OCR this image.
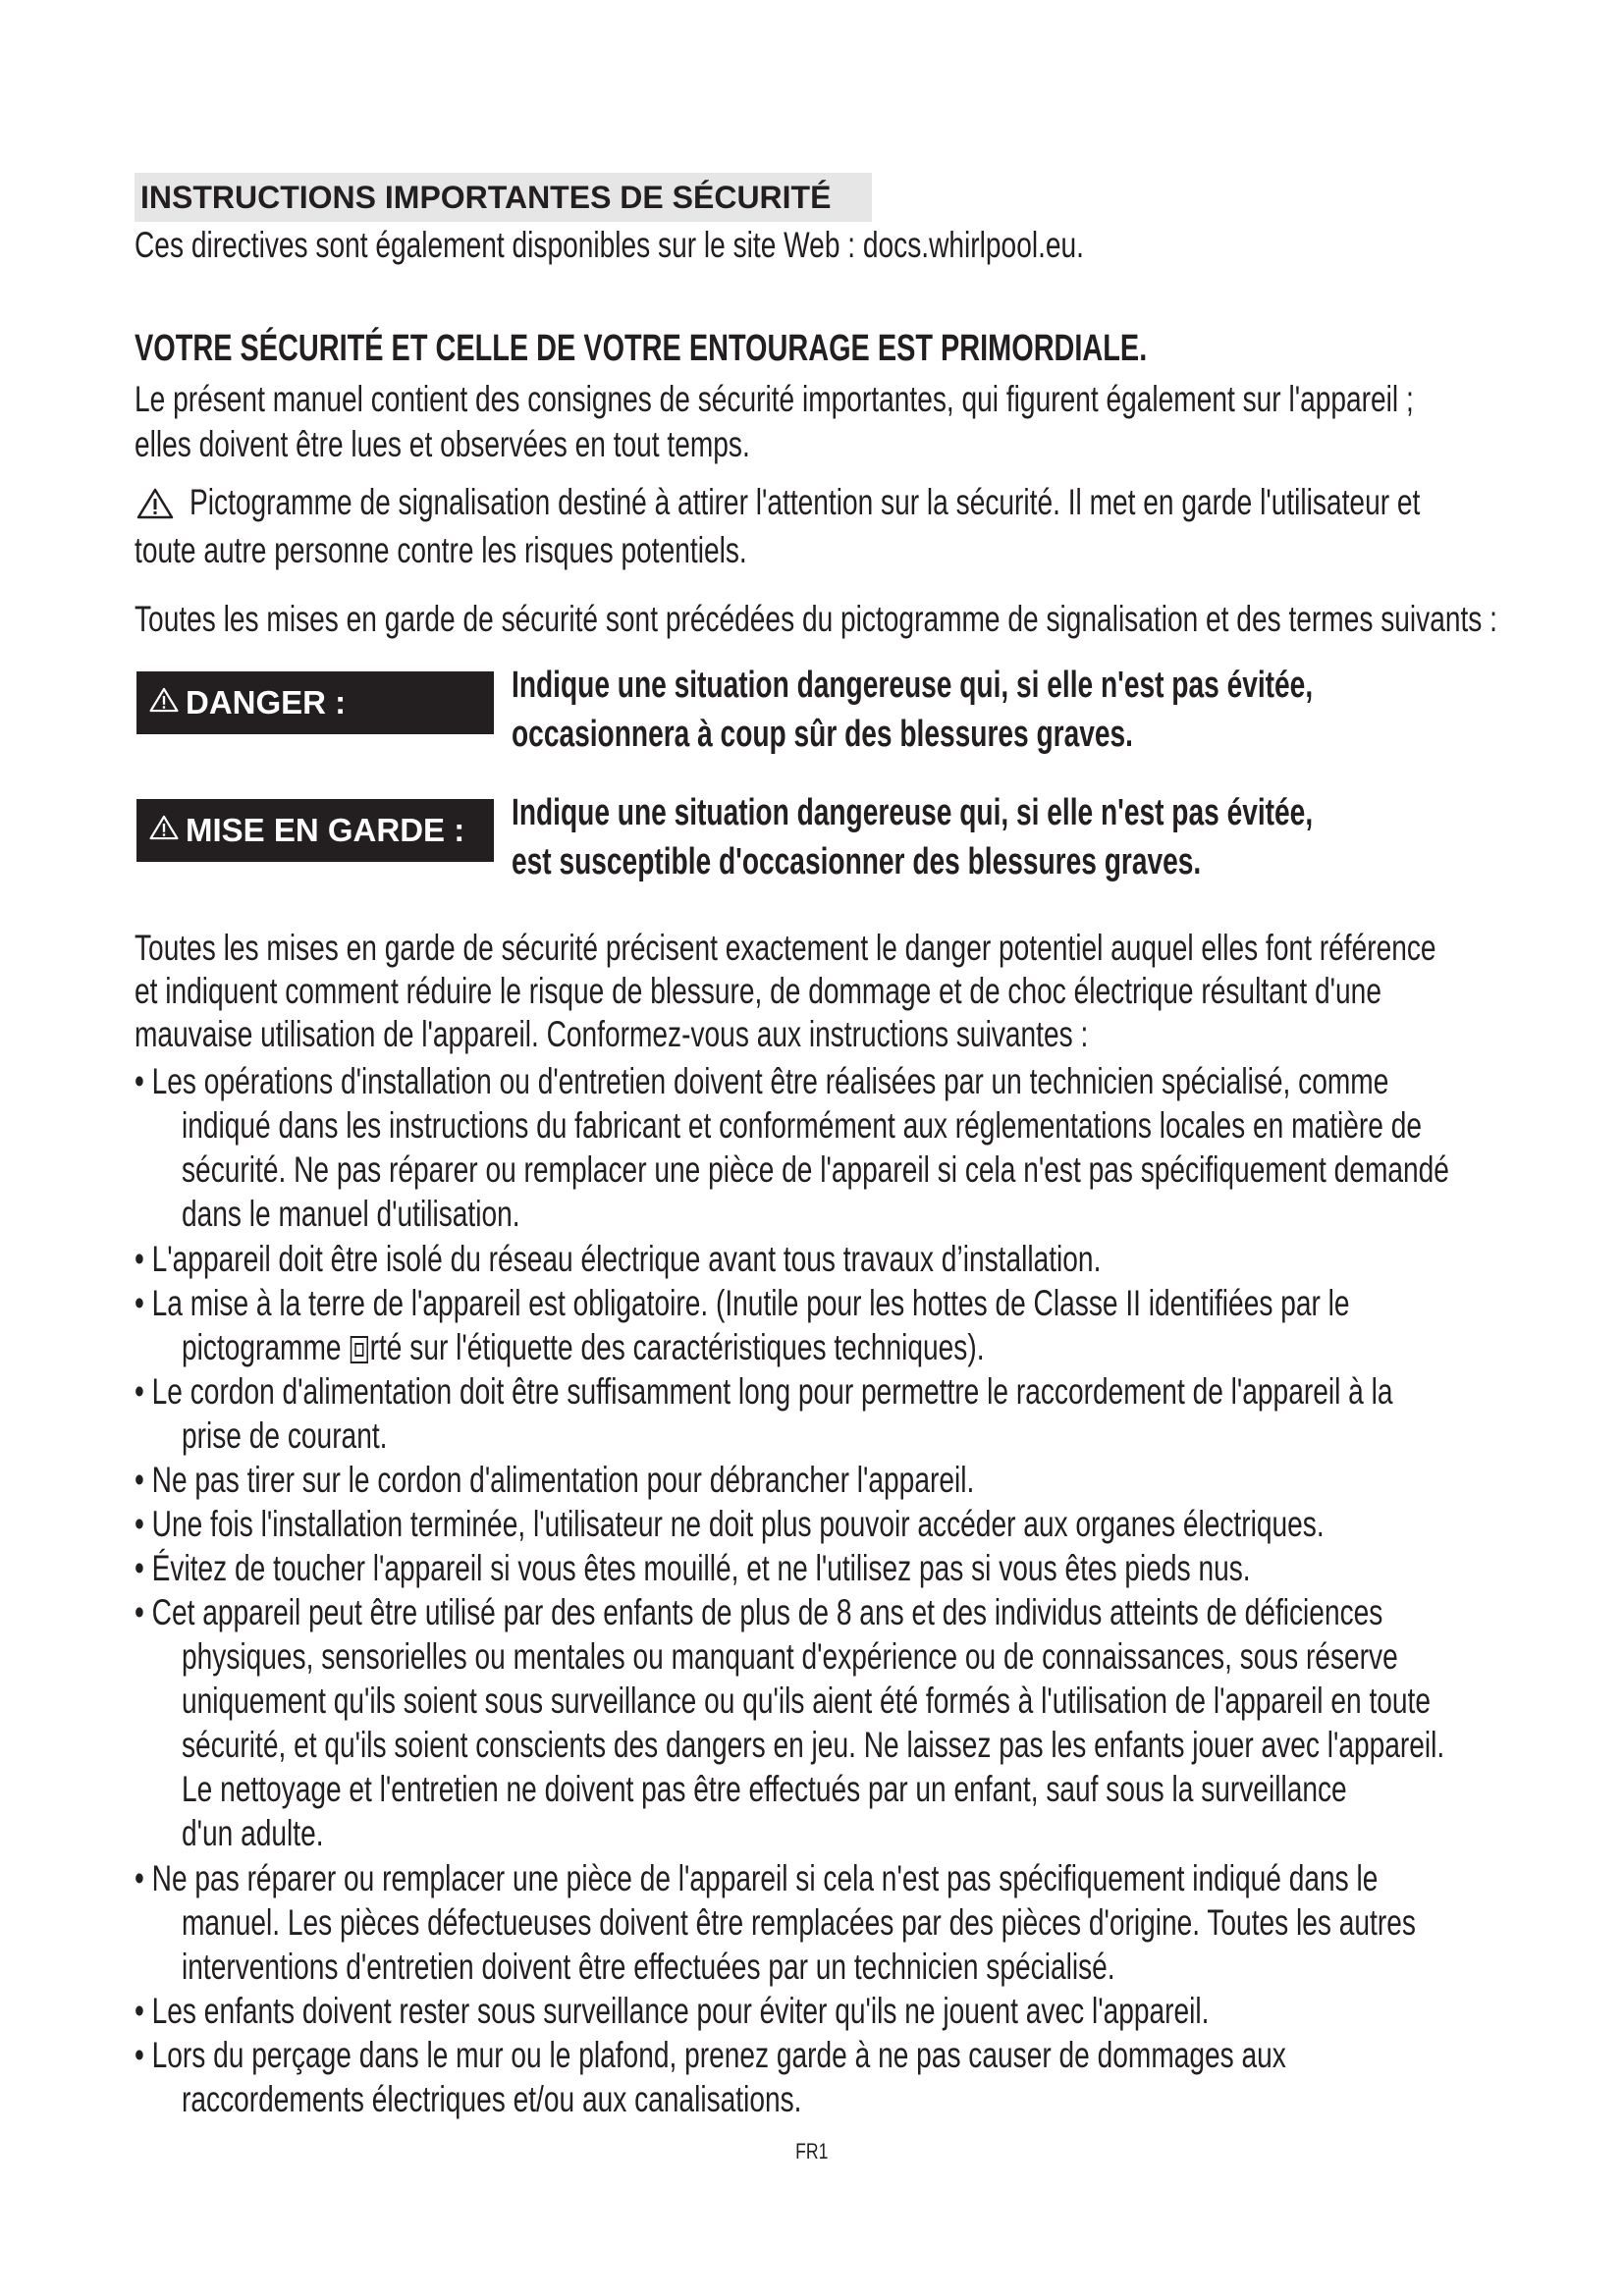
INSTRUCTIONS IMPORTANTES DE SÉCURITÉ
Ces directives sont également disponibles sur le site Web : docs.whirlpool.eu.
VOTRE SÉCURITÉ ET CELLE DE VOTRE ENTOURAGE EST PRIMORDIALE.
Le présent manuel contient des consignes de sécurité importantes, qui figurent également sur l'appareil ;
elles doivent être lues et observées en tout temps.
Pictogramme de signalisation destiné à attirer l'attention sur la sécurité. Il met en garde l'utilisateur et
toute autre personne contre les risques potentiels.
Toutes les mises en garde de sécurité sont précédées du pictogramme de signalisation et des termes suivants :
DANGER :	Indique une situation dangereuse qui, si elle n'est pas évitée,
occasionnera à coup sûr des blessures graves.
MISE EN GARDE :	Indique une situation dangereuse qui, si elle n'est pas évitée,
est susceptible d'occasionner des blessures graves.
Toutes les mises en garde de sécurité précisent exactement le danger potentiel auquel elles font référence
et indiquent comment réduire le risque de blessure, de dommage et de choc électrique résultant d'une
mauvaise utilisation de l'appareil. Conformez-vous aux instructions suivantes :
• Les opérations d'installation ou d'entretien doivent être réalisées par un technicien spécialisé, comme
indiqué dans les instructions du fabricant et conformément aux réglementations locales en matière de
sécurité. Ne pas réparer ou remplacer une pièce de l'appareil si cela n'est pas spécifiquement demandé
dans le manuel d'utilisation.
• L'appareil doit être isolé du réseau électrique avant tous travaux d’installation.
• La mise à la terre de l'appareil est obligatoire. (Inutile pour les hottes de Classe II identifiées par le
pictogramme rté sur l'étiquette des caractéristiques techniques).
• Le cordon d'alimentation doit être suffisamment long pour permettre le raccordement de l'appareil à la
prise de courant.
• Ne pas tirer sur le cordon d'alimentation pour débrancher l'appareil.
• Une fois l'installation terminée, l'utilisateur ne doit plus pouvoir accéder aux organes électriques.
• Évitez de toucher l'appareil si vous êtes mouillé, et ne l'utilisez pas si vous êtes pieds nus.
• Cet appareil peut être utilisé par des enfants de plus de 8 ans et des individus atteints de déficiences
physiques, sensorielles ou mentales ou manquant d'expérience ou de connaissances, sous réserve
uniquement qu'ils soient sous surveillance ou qu'ils aient été formés à l'utilisation de l'appareil en toute
sécurité, et qu'ils soient conscients des dangers en jeu. Ne laissez pas les enfants jouer avec l'appareil.
Le nettoyage et l'entretien ne doivent pas être effectués par un enfant, sauf sous la surveillance
d'un adulte.
• Ne pas réparer ou remplacer une pièce de l'appareil si cela n'est pas spécifiquement indiqué dans le
manuel. Les pièces défectueuses doivent être remplacées par des pièces d'origine. Toutes les autres
interventions d'entretien doivent être effectuées par un technicien spécialisé.
• Les enfants doivent rester sous surveillance pour éviter qu'ils ne jouent avec l'appareil.
• Lors du perçage dans le mur ou le plafond, prenez garde à ne pas causer de dommages aux
raccordements électriques et/ou aux canalisations.
FR1
